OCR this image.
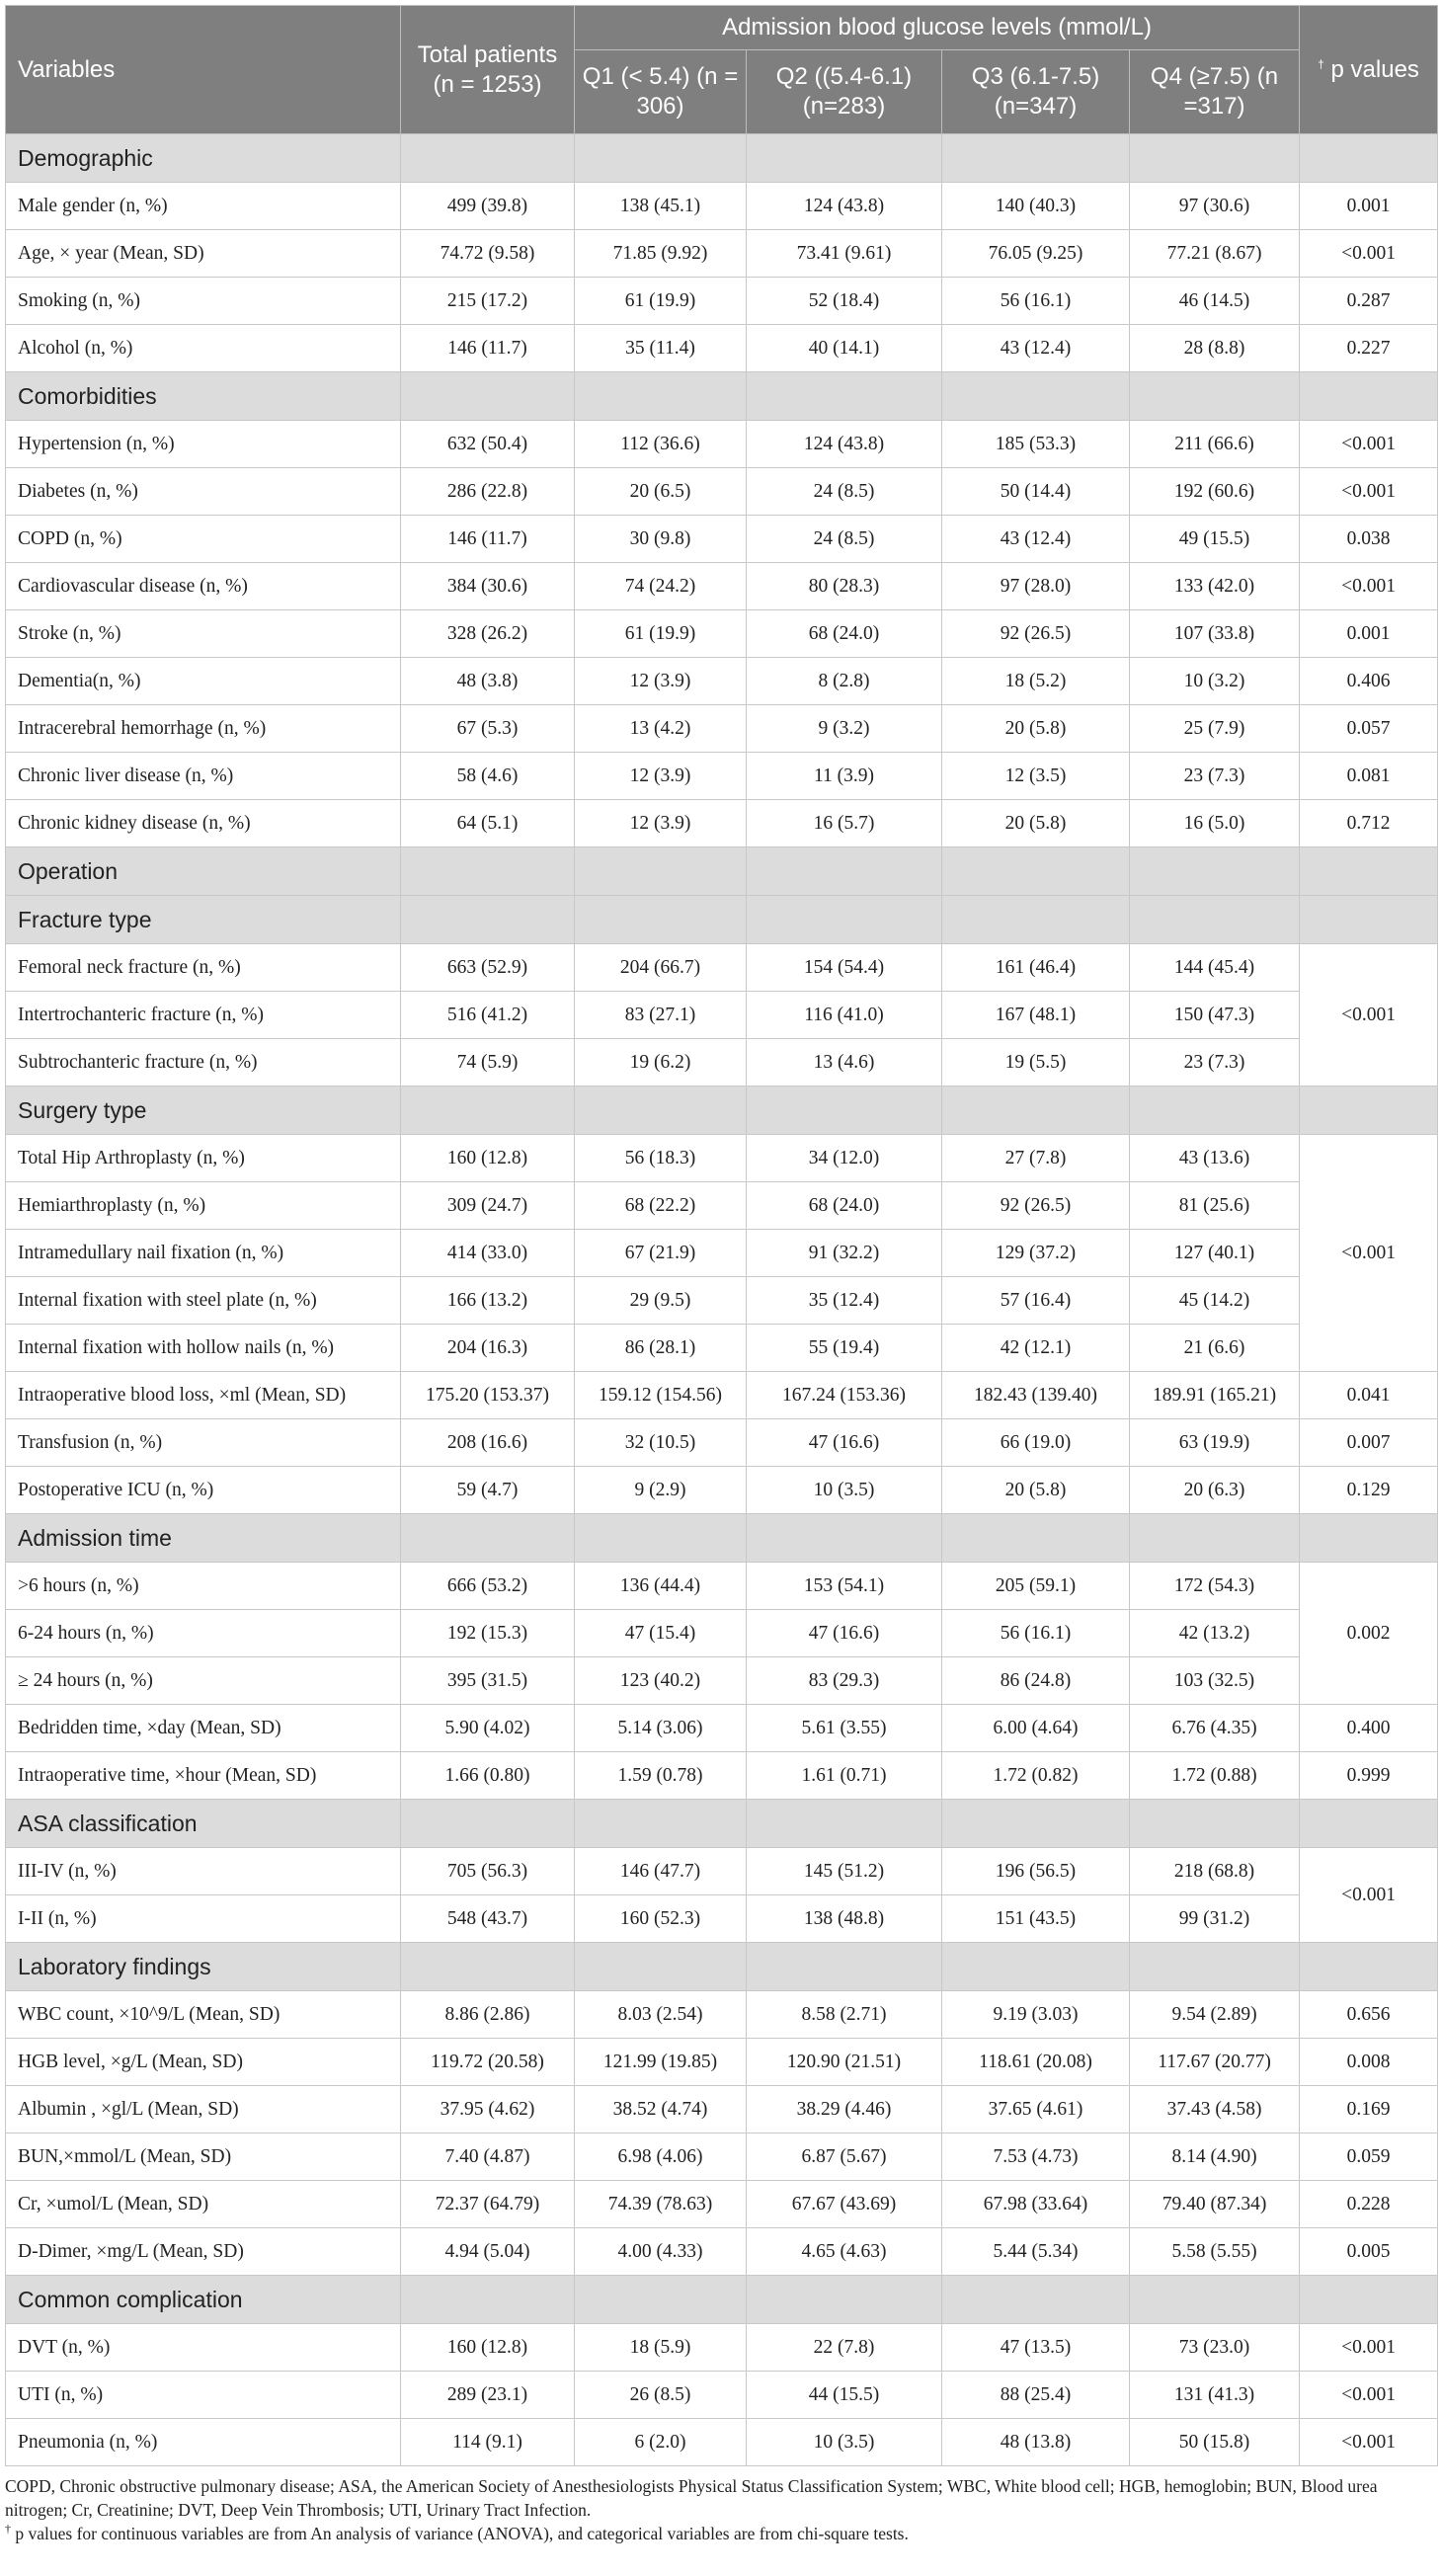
Variables	Total patients (n = 1253)	Admission blood glucose levels (mmol/L)				† p values
		Q1 (< 5.4) (n = 306)	Q2 ((5.4-6.1) (n=283)	Q3 (6.1-7.5) (n=347)	Q4 (≥7.5) (n =317)	
Demographic						
Male gender (n, %)	499 (39.8)	138 (45.1)	124 (43.8)	140 (40.3)	97 (30.6)	0.001
Age, × year (Mean, SD)	74.72 (9.58)	71.85 (9.92)	73.41 (9.61)	76.05 (9.25)	77.21 (8.67)	<0.001
Smoking (n, %)	215 (17.2)	61 (19.9)	52 (18.4)	56 (16.1)	46 (14.5)	0.287
Alcohol (n, %)	146 (11.7)	35 (11.4)	40 (14.1)	43 (12.4)	28 (8.8)	0.227
Comorbidities						
Hypertension (n, %)	632 (50.4)	112 (36.6)	124 (43.8)	185 (53.3)	211 (66.6)	<0.001
Diabetes (n, %)	286 (22.8)	20 (6.5)	24 (8.5)	50 (14.4)	192 (60.6)	<0.001
COPD (n, %)	146 (11.7)	30 (9.8)	24 (8.5)	43 (12.4)	49 (15.5)	0.038
Cardiovascular disease (n, %)	384 (30.6)	74 (24.2)	80 (28.3)	97 (28.0)	133 (42.0)	<0.001
Stroke (n, %)	328 (26.2)	61 (19.9)	68 (24.0)	92 (26.5)	107 (33.8)	0.001
Dementia(n, %)	48 (3.8)	12 (3.9)	8 (2.8)	18 (5.2)	10 (3.2)	0.406
Intracerebral hemorrhage (n, %)	67 (5.3)	13 (4.2)	9 (3.2)	20 (5.8)	25 (7.9)	0.057
Chronic liver disease (n, %)	58 (4.6)	12 (3.9)	11 (3.9)	12 (3.5)	23 (7.3)	0.081
Chronic kidney disease (n, %)	64 (5.1)	12 (3.9)	16 (5.7)	20 (5.8)	16 (5.0)	0.712
Operation						
Fracture type						
Femoral neck fracture (n, %)	663 (52.9)	204 (66.7)	154 (54.4)	161 (46.4)	144 (45.4)	<0.001
Intertrochanteric fracture (n, %)	516 (41.2)	83 (27.1)	116 (41.0)	167 (48.1)	150 (47.3)	
Subtrochanteric fracture (n, %)	74 (5.9)	19 (6.2)	13 (4.6)	19 (5.5)	23 (7.3)	
Surgery type						
Total Hip Arthroplasty (n, %)	160 (12.8)	56 (18.3)	34 (12.0)	27 (7.8)	43 (13.6)	<0.001
Hemiarthroplasty (n, %)	309 (24.7)	68 (22.2)	68 (24.0)	92 (26.5)	81 (25.6)	
Intramedullary nail fixation (n, %)	414 (33.0)	67 (21.9)	91 (32.2)	129 (37.2)	127 (40.1)	
Internal fixation with steel plate (n, %)	166 (13.2)	29 (9.5)	35 (12.4)	57 (16.4)	45 (14.2)	
Internal fixation with hollow nails (n, %)	204 (16.3)	86 (28.1)	55 (19.4)	42 (12.1)	21 (6.6)	
Intraoperative blood loss, ×ml (Mean, SD)	175.20 (153.37)	159.12 (154.56)	167.24 (153.36)	182.43 (139.40)	189.91 (165.21)	0.041
Transfusion (n, %)	208 (16.6)	32 (10.5)	47 (16.6)	66 (19.0)	63 (19.9)	0.007
Postoperative ICU (n, %)	59 (4.7)	9 (2.9)	10 (3.5)	20 (5.8)	20 (6.3)	0.129
Admission time						
>6 hours (n, %)	666 (53.2)	136 (44.4)	153 (54.1)	205 (59.1)	172 (54.3)	0.002
6-24 hours (n, %)	192 (15.3)	47 (15.4)	47 (16.6)	56 (16.1)	42 (13.2)	
≥ 24 hours (n, %)	395 (31.5)	123 (40.2)	83 (29.3)	86 (24.8)	103 (32.5)	
Bedridden time, ×day (Mean, SD)	5.90 (4.02)	5.14 (3.06)	5.61 (3.55)	6.00 (4.64)	6.76 (4.35)	0.400
Intraoperative time, ×hour (Mean, SD)	1.66 (0.80)	1.59 (0.78)	1.61 (0.71)	1.72 (0.82)	1.72 (0.88)	0.999
ASA classification						
III-IV (n, %)	705 (56.3)	146 (47.7)	145 (51.2)	196 (56.5)	218 (68.8)	<0.001
I-II (n, %)	548 (43.7)	160 (52.3)	138 (48.8)	151 (43.5)	99 (31.2)	
Laboratory findings						
WBC count, ×10^9/L (Mean, SD)	8.86 (2.86)	8.03 (2.54)	8.58 (2.71)	9.19 (3.03)	9.54 (2.89)	0.656
HGB level, ×g/L (Mean, SD)	119.72 (20.58)	121.99 (19.85)	120.90 (21.51)	118.61 (20.08)	117.67 (20.77)	0.008
Albumin , ×gl/L (Mean, SD)	37.95 (4.62)	38.52 (4.74)	38.29 (4.46)	37.65 (4.61)	37.43 (4.58)	0.169
BUN,×mmol/L (Mean, SD)	7.40 (4.87)	6.98 (4.06)	6.87 (5.67)	7.53 (4.73)	8.14 (4.90)	0.059
Cr, ×umol/L (Mean, SD)	72.37 (64.79)	74.39 (78.63)	67.67 (43.69)	67.98 (33.64)	79.40 (87.34)	0.228
D-Dimer, ×mg/L (Mean, SD)	4.94 (5.04)	4.00 (4.33)	4.65 (4.63)	5.44 (5.34)	5.58 (5.55)	0.005
Common complication						
DVT (n, %)	160 (12.8)	18 (5.9)	22 (7.8)	47 (13.5)	73 (23.0)	<0.001
UTI (n, %)	289 (23.1)	26 (8.5)	44 (15.5)	88 (25.4)	131 (41.3)	<0.001
Pneumonia (n, %)	114 (9.1)	6 (2.0)	10 (3.5)	48 (13.8)	50 (15.8)	<0.001
COPD, Chronic obstructive pulmonary disease; ASA, the American Society of Anesthesiologists Physical Status Classification System; WBC, White blood cell; HGB, hemoglobin; BUN, Blood urea nitrogen; Cr, Creatinine; DVT, Deep Vein Thrombosis; UTI, Urinary Tract Infection.
† p values for continuous variables are from An analysis of variance (ANOVA), and categorical variables are from chi-square tests.
